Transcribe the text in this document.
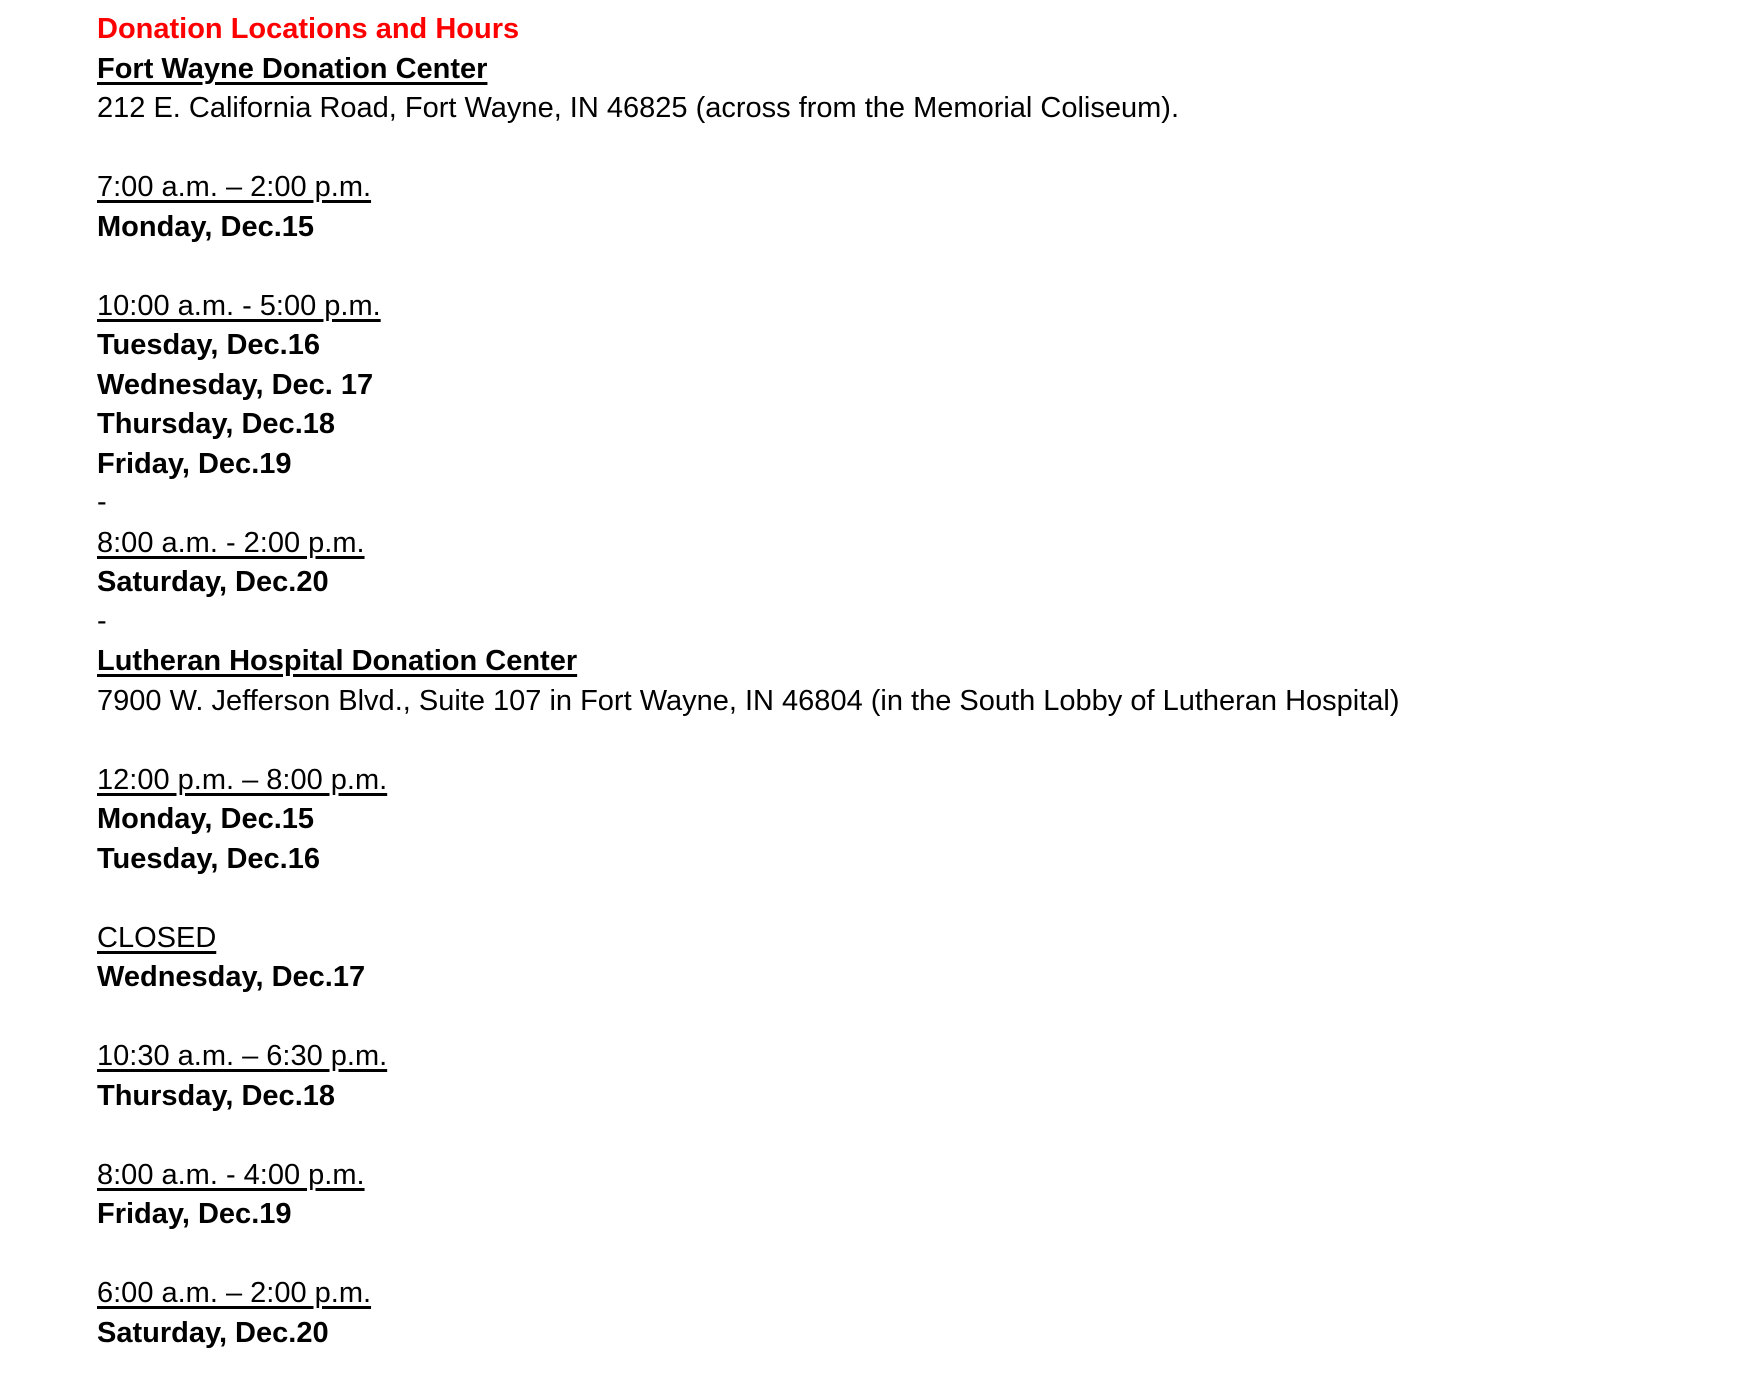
Donation Locations and Hours

Fort Wayne Donation Center

212 E. California Road, Fort Wayne, IN 46825 (across from the Memorial Coliseum).

7:00 a.m. – 2:00 p.m.

Monday, Dec.15

10:00 a.m. - 5:00 p.m.

Tuesday, Dec.16

Wednesday, Dec. 17

Thursday, Dec.18

Friday, Dec.19

-

8:00 a.m. - 2:00 p.m.

Saturday, Dec.20

-

Lutheran Hospital Donation Center

7900 W. Jefferson Blvd., Suite 107 in Fort Wayne, IN 46804 (in the South Lobby of Lutheran Hospital)

12:00 p.m. – 8:00 p.m.

Monday, Dec.15

Tuesday, Dec.16

CLOSED

Wednesday, Dec.17

10:30 a.m. – 6:30 p.m.

Thursday, Dec.18

8:00 a.m. - 4:00 p.m.

Friday, Dec.19

6:00 a.m. – 2:00 p.m.

Saturday, Dec.20
